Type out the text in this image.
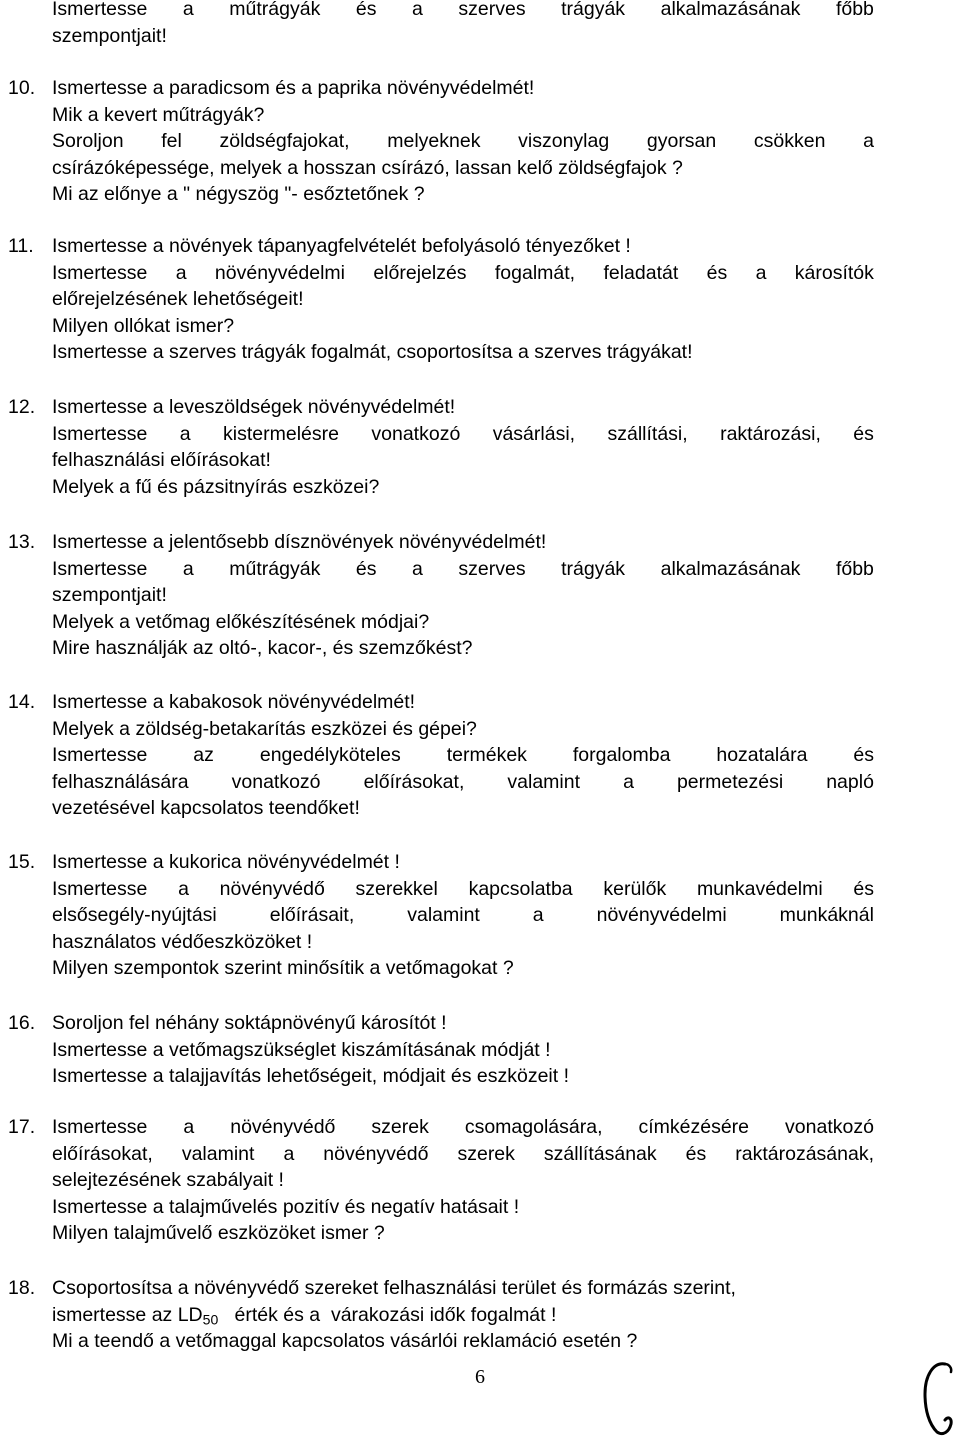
Ismertesse a műtrágyák és a szerves trágyák alkalmazásának főbb
szempontjait!
10. Ismertesse a paradicsom és a paprika növényvédelmét!
Mik a kevert műtrágyák?
Soroljon fel zöldségfajokat, melyeknek viszonylag gyorsan csökken a
csírázóképessége, melyek a hosszan csírázó, lassan kelő zöldségfajok ?
Mi az előnye a " négyszög "- esőztetőnek ?
11. Ismertesse a növények tápanyagfelvételét befolyásoló tényezőket !
Ismertesse a növényvédelmi előrejelzés fogalmát, feladatát és a károsítók
előrejelzésének lehetőségeit!
Milyen ollókat ismer?
Ismertesse a szerves trágyák fogalmát, csoportosítsa a szerves trágyákat!
12. Ismertesse a leveszöldségek növényvédelmét!
Ismertesse a kistermelésre vonatkozó vásárlási, szállítási, raktározási, és
felhasználási előírásokat!
Melyek a fű és pázsitnyírás eszközei?
13. Ismertesse a jelentősebb dísznövények növényvédelmét!
Ismertesse a műtrágyák és a szerves trágyák alkalmazásának főbb
szempontjait!
Melyek a vetőmag előkészítésének módjai?
Mire használják az oltó-, kacor-, és szemzőkést?
14. Ismertesse a kabakosok növényvédelmét!
Melyek a zöldség-betakarítás eszközei és gépei?
Ismertesse az engedélyköteles termékek forgalomba hozatalára és
felhasználására vonatkozó előírásokat, valamint a permetezési napló
vezetésével kapcsolatos teendőket!
15. Ismertesse a kukorica növényvédelmét !
Ismertesse a növényvédő szerekkel kapcsolatba kerülők munkavédelmi és
elsősegély-nyújtási	előírásait,	valamint	a	növényvédelmi	munkáknál
használatos védőeszközöket !
Milyen szempontok szerint minősítik a vetőmagokat ?
16. Soroljon fel néhány soktápnövényű károsítót !
Ismertesse a vetőmagszükséglet kiszámításának módját !
Ismertesse a talajjavítás lehetőségeit, módjait és eszközeit !
17. Ismertesse a növényvédő szerek csomagolására, címkézésére vonatkozó
előírásokat, valamint a növényvédő szerek szállításának és raktározásának,
selejtezésének szabályait !
Ismertesse a talajművelés pozitív és negatív hatásait !
Milyen talajművelő eszközöket ismer ?
18. Csoportosítsa a növényvédő szereket felhasználási terület és formázás szerint,
ismertesse az $LD_{50}$   érték és a  várakozási idők fogalmát !
Mi a teendő a vetőmaggal kapcsolatos vásárlói reklamáció esetén ?
6
